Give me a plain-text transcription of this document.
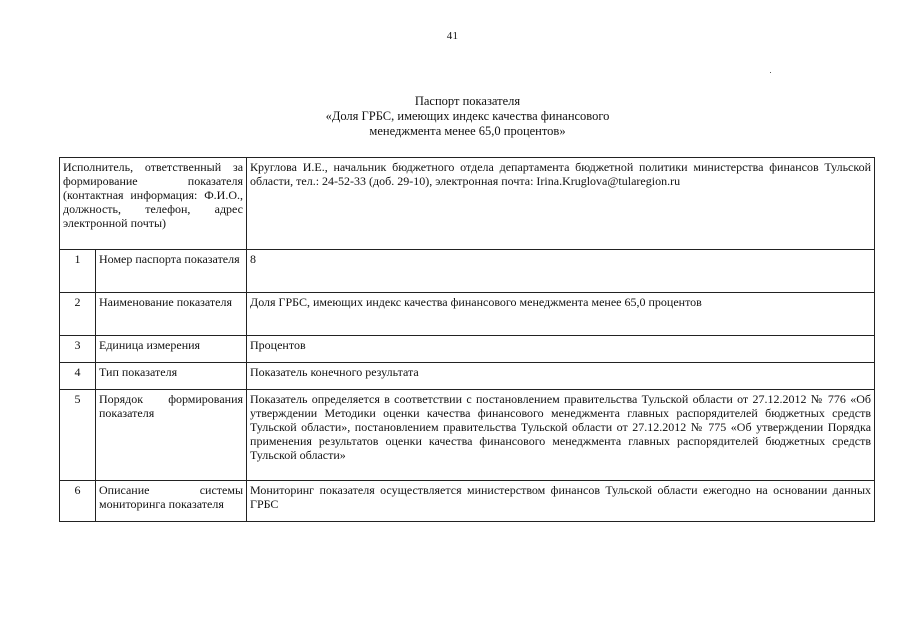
41
Паспорт показателя
«Доля ГРБС, имеющих индекс качества финансового
менеджмента менее 65,0 процентов»
Исполнитель, ответственный за формирование показателя (контактная информация: Ф.И.О., должность, телефон, адрес электронной почты)		Круглова И.Е., начальник бюджетного отдела департамента бюджетной политики министерства финансов Тульской области, тел.: 24-52-33 (доб. 29-10), электронная почта: Irina.Kruglova@tularegion.ru
1	Номер паспорта показателя	8
2	Наименование показателя	Доля ГРБС, имеющих индекс качества финансового менеджмента менее 65,0 процентов
3	Единица измерения	Процентов
4	Тип показателя	Показатель конечного результата
5	Порядок формирования показателя	Показатель определяется в соответствии с постановлением правительства Тульской области от 27.12.2012 № 776 «Об утверждении Методики оценки качества финансового менеджмента главных распорядителей бюджетных средств Тульской области», постановлением правительства Тульской области от 27.12.2012 № 775 «Об утверждении Порядка применения результатов оценки качества финансового менеджмента главных распорядителей бюджетных средств Тульской области»
6	Описание системы мониторинга показателя	Мониторинг показателя осуществляется министерством финансов Тульской области ежегодно на основании данных ГРБС
